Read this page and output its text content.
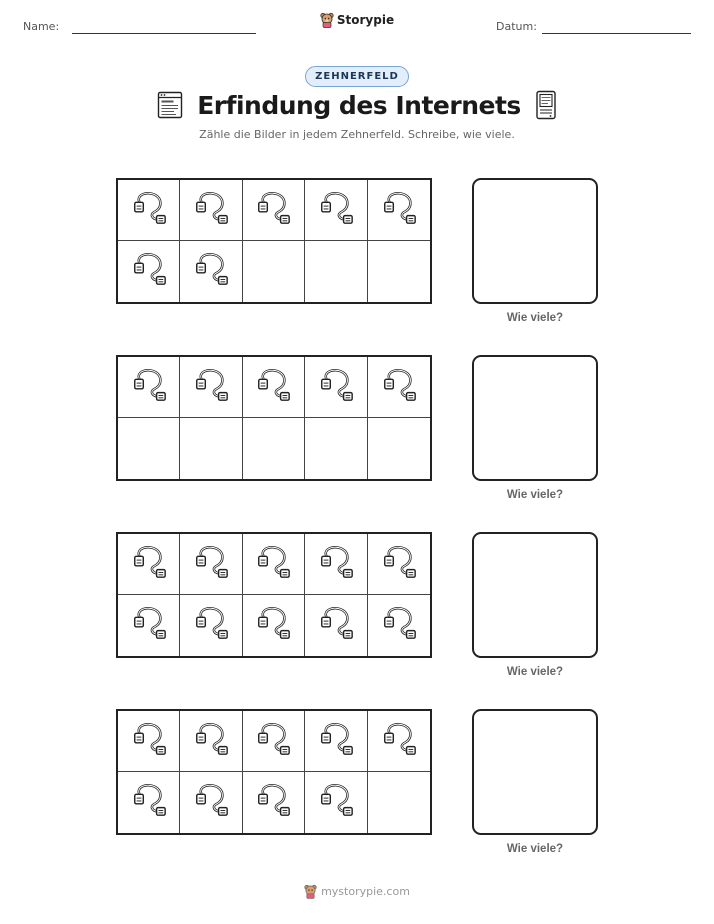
Name:	Datum:
Storypie
ZEHNERFELD
Erfindung des Internets
Zähle die Bilder in jedem Zehnerfeld. Schreibe, wie viele.
Wie viele?
Wie viele?
Wie viele?
Wie viele?
mystorypie.com
